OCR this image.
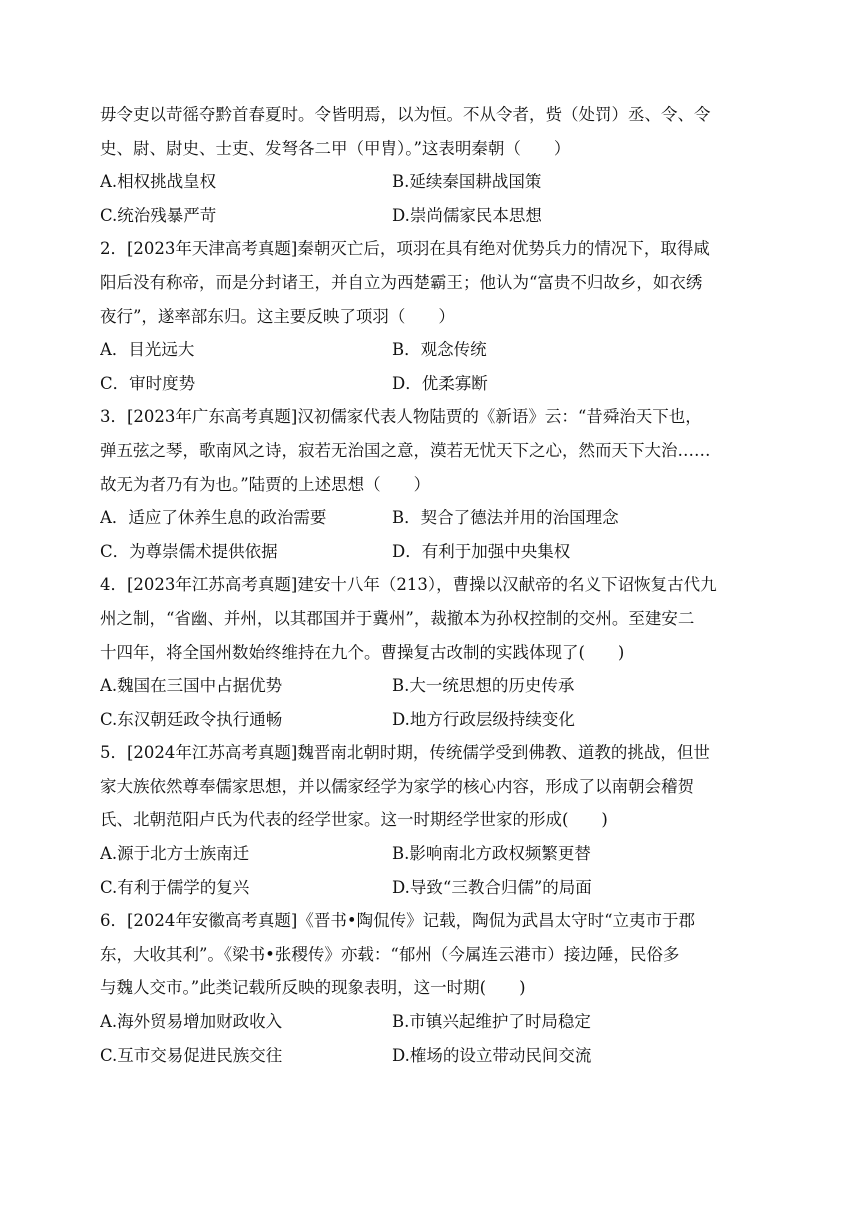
毋令吏以苛徭夺黔首春夏时。令皆明焉，以为恒。不从令者，赀（处罚）丞、令、令
史、尉、尉史、士吏、发弩各二甲（甲胄）。”这表明秦朝（　　）
A.相权挑战皇权	B.延续秦国耕战国策
C.统治残暴严苛	D.崇尚儒家民本思想
2．[2023年天津高考真题]秦朝灭亡后，项羽在具有绝对优势兵力的情况下，取得咸
阳后没有称帝，而是分封诸王，并自立为西楚霸王；他认为“富贵不归故乡，如衣绣
夜行”，遂率部东归。这主要反映了项羽（　　）
A．目光远大	B．观念传统
C．审时度势	D．优柔寡断
3．[2023年广东高考真题]汉初儒家代表人物陆贾的《新语》云：“昔舜治天下也，
弹五弦之琴，歌南风之诗，寂若无治国之意，漠若无忧天下之心，然而天下大治……
故无为者乃有为也。”陆贾的上述思想（　　）
A．适应了休养生息的政治需要	B．契合了德法并用的治国理念
C．为尊崇儒术提供依据	D．有利于加强中央集权
4．[2023年江苏高考真题]建安十八年（213），曹操以汉献帝的名义下诏恢复古代九
州之制，“省幽、并州，以其郡国并于冀州”，裁撤本为孙权控制的交州。至建安二
十四年，将全国州数始终维持在九个。曹操复古改制的实践体现了(　　)
A.魏国在三国中占据优势	B.大一统思想的历史传承
C.东汉朝廷政令执行通畅	D.地方行政层级持续变化
5．[2024年江苏高考真题]魏晋南北朝时期，传统儒学受到佛教、道教的挑战，但世
家大族依然尊奉儒家思想，并以儒家经学为家学的核心内容，形成了以南朝会稽贺
氏、北朝范阳卢氏为代表的经学世家。这一时期经学世家的形成(　　)
A.源于北方士族南迁	B.影响南北方政权频繁更替
C.有利于儒学的复兴	D.导致“三教合归儒”的局面
6．[2024年安徽高考真题]《晋书•陶侃传》记载，陶侃为武昌太守时“立夷市于郡
东，大收其利”。《梁书•张稷传》亦载：“郁州（今属连云港市）接边陲，民俗多
与魏人交市。”此类记载所反映的现象表明，这一时期(　　)
A.海外贸易增加财政收入	B.市镇兴起维护了时局稳定
C.互市交易促进民族交往	D.榷场的设立带动民间交流
